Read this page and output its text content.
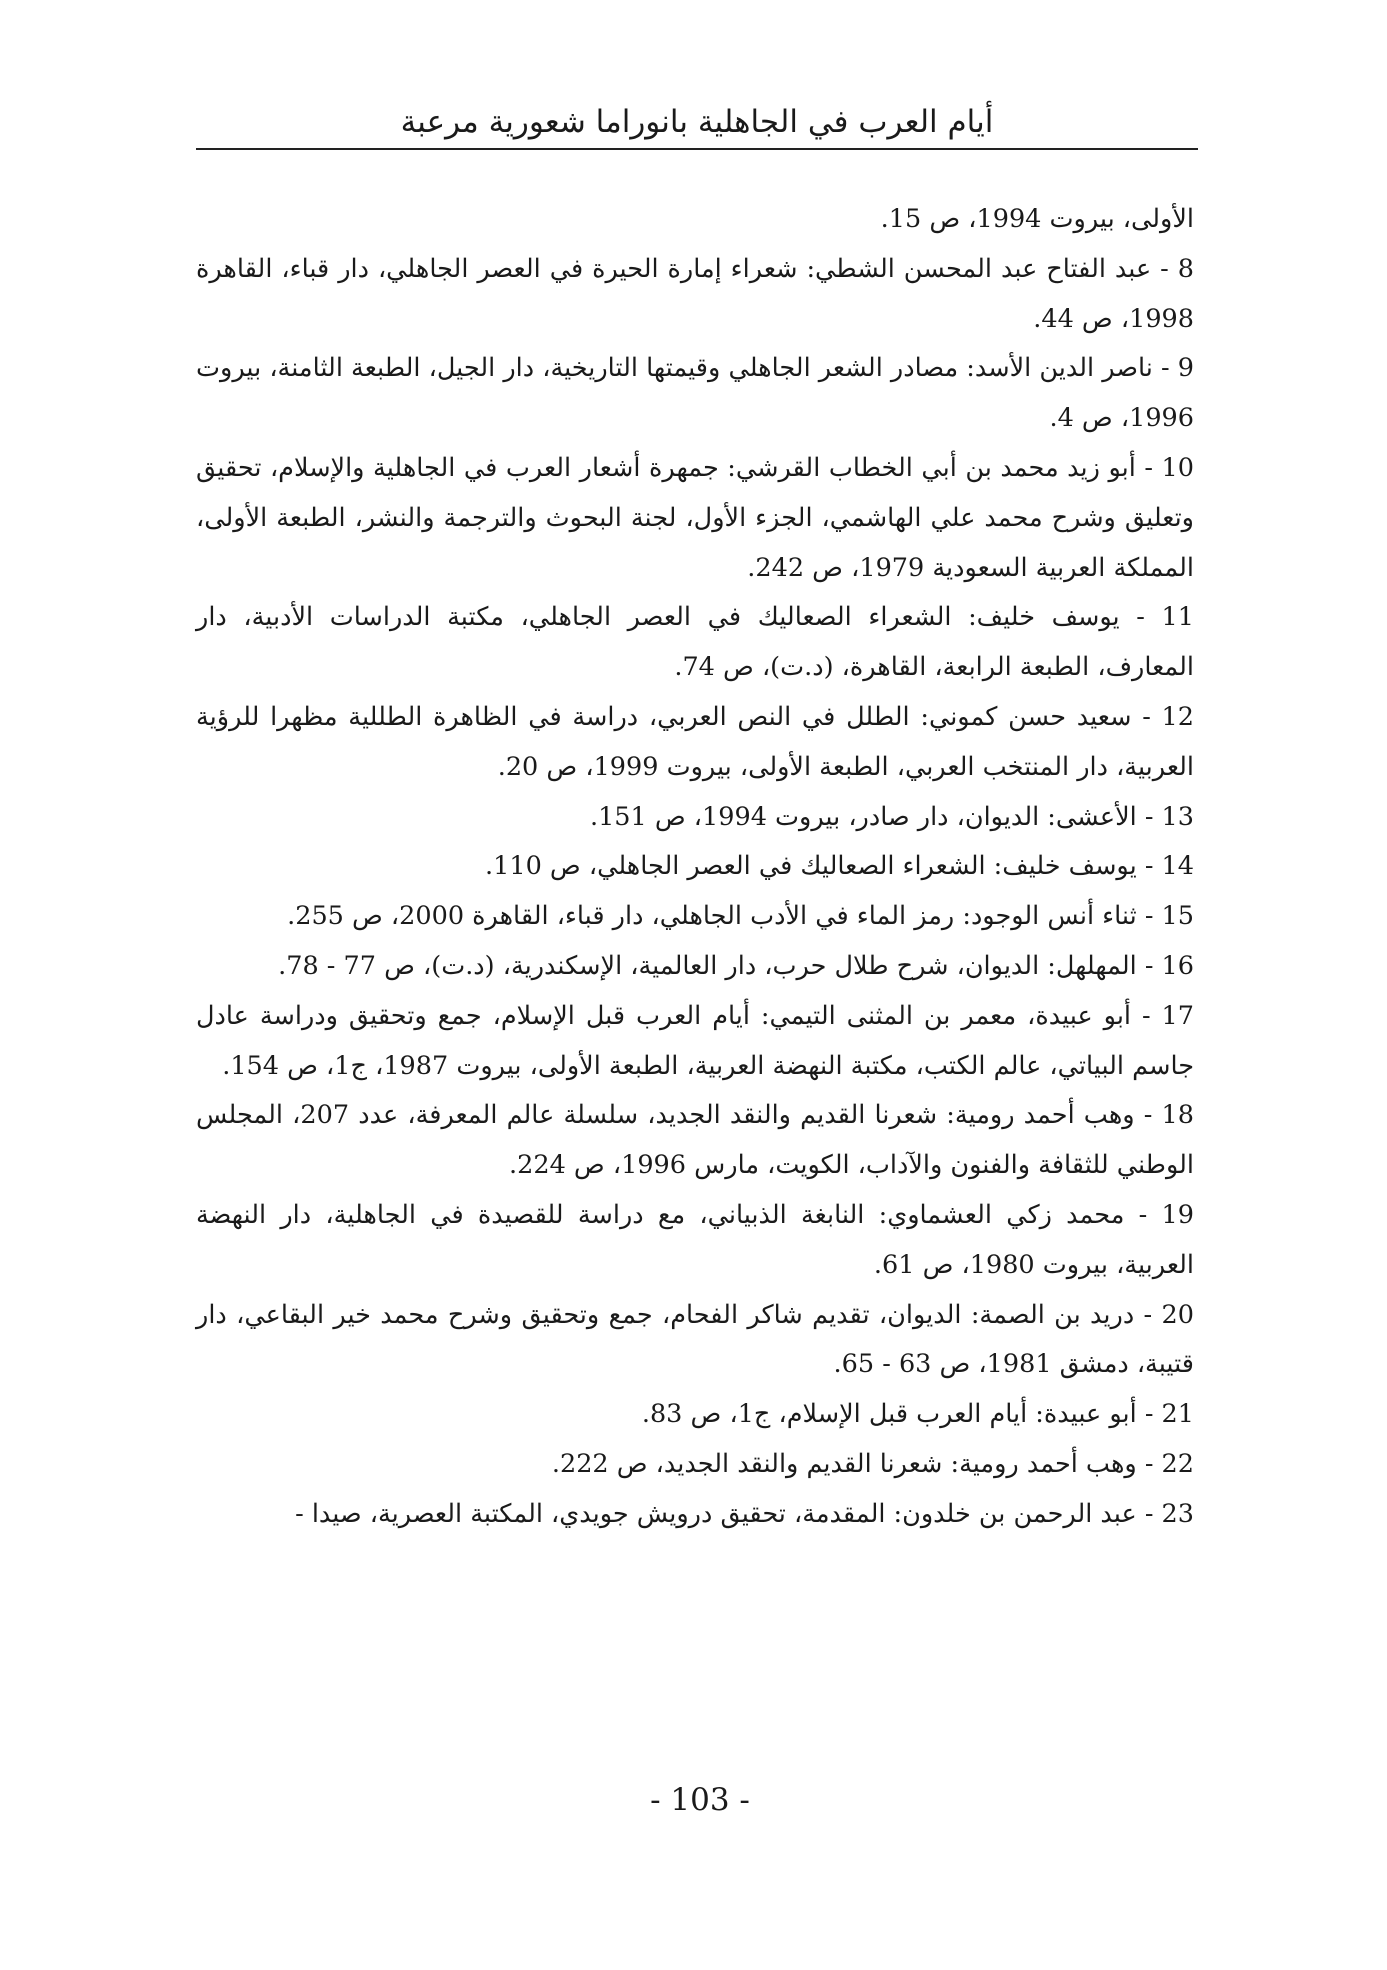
أيام العرب في الجاهلية بانوراما شعورية مرعبة

الأولى، بيروت 1994، ص 15.

8 - عبد الفتاح عبد المحسن الشطي: شعراء إمارة الحيرة في العصر الجاهلي، دار قباء، القاهرة 1998، ص 44.

9 - ناصر الدين الأسد: مصادر الشعر الجاهلي وقيمتها التاريخية، دار الجيل، الطبعة الثامنة، بيروت 1996، ص 4.

10 - أبو زيد محمد بن أبي الخطاب القرشي: جمهرة أشعار العرب في الجاهلية والإسلام، تحقيق وتعليق وشرح محمد علي الهاشمي، الجزء الأول، لجنة البحوث والترجمة والنشر، الطبعة الأولى، المملكة العربية السعودية 1979، ص 242.

11 - يوسف خليف: الشعراء الصعاليك في العصر الجاهلي، مكتبة الدراسات الأدبية، دار المعارف، الطبعة الرابعة، القاهرة، (د.ت)، ص 74.

12 - سعيد حسن كموني: الطلل في النص العربي، دراسة في الظاهرة الطللية مظهرا للرؤية العربية، دار المنتخب العربي، الطبعة الأولى، بيروت 1999، ص 20.

13 - الأعشى: الديوان، دار صادر، بيروت 1994، ص 151.

14 - يوسف خليف: الشعراء الصعاليك في العصر الجاهلي، ص 110.

15 - ثناء أنس الوجود: رمز الماء في الأدب الجاهلي، دار قباء، القاهرة 2000، ص 255.

16 - المهلهل: الديوان، شرح طلال حرب، دار العالمية، الإسكندرية، (د.ت)، ص 77 - 78.

17 - أبو عبيدة، معمر بن المثنى التيمي: أيام العرب قبل الإسلام، جمع وتحقيق ودراسة عادل جاسم البياتي، عالم الكتب، مكتبة النهضة العربية، الطبعة الأولى، بيروت 1987، ج1، ص 154.

18 - وهب أحمد رومية: شعرنا القديم والنقد الجديد، سلسلة عالم المعرفة، عدد 207، المجلس الوطني للثقافة والفنون والآداب، الكويت، مارس 1996، ص 224.

19 - محمد زكي العشماوي: النابغة الذبياني، مع دراسة للقصيدة في الجاهلية، دار النهضة العربية، بيروت 1980، ص 61.

20 - دريد بن الصمة: الديوان، تقديم شاكر الفحام، جمع وتحقيق وشرح محمد خير البقاعي، دار قتيبة، دمشق 1981، ص 63 - 65.

21 - أبو عبيدة: أيام العرب قبل الإسلام، ج1، ص 83.

22 - وهب أحمد رومية: شعرنا القديم والنقد الجديد، ص 222.

23 - عبد الرحمن بن خلدون: المقدمة، تحقيق درويش جويدي، المكتبة العصرية، صيدا -

- 103 -
